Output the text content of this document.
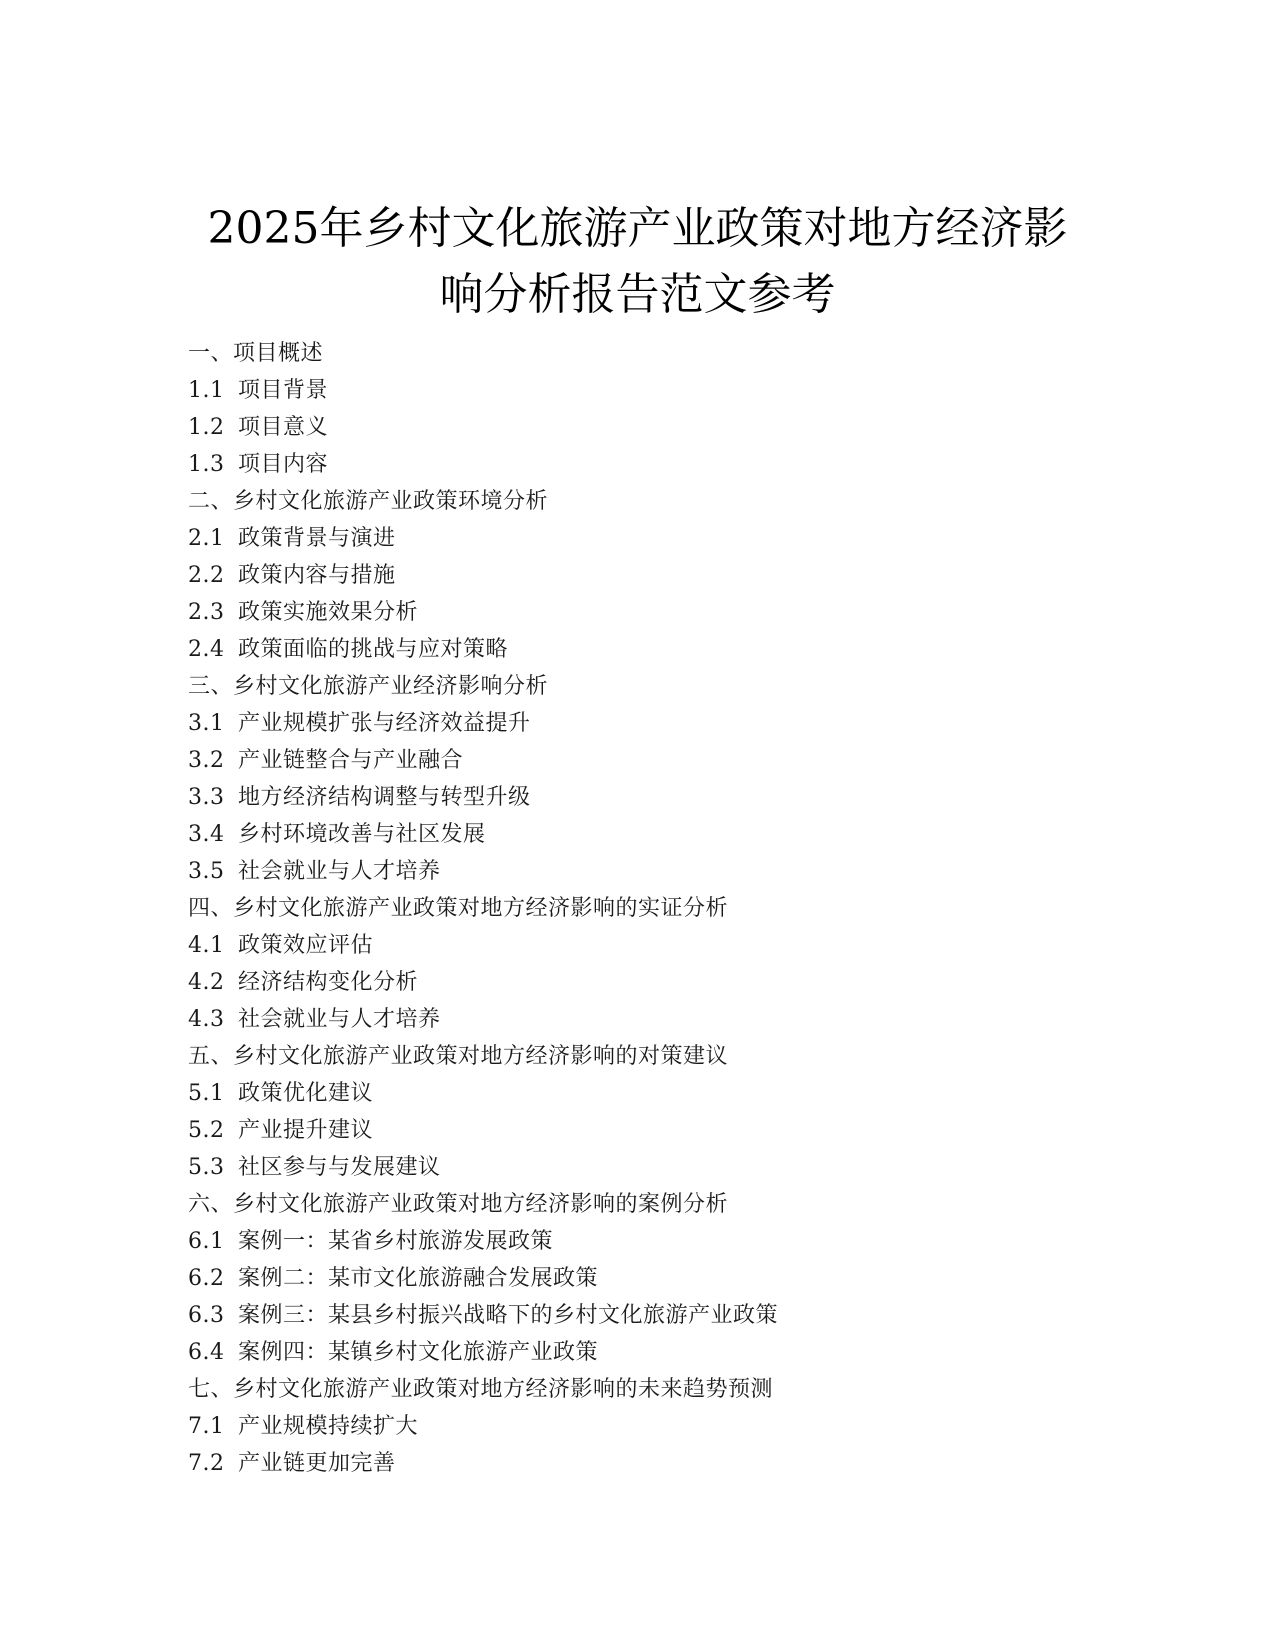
2025年乡村文化旅游产业政策对地方经济影
响分析报告范文参考
一、项目概述
1.1 项目背景
1.2 项目意义
1.3 项目内容
二、乡村文化旅游产业政策环境分析
2.1 政策背景与演进
2.2 政策内容与措施
2.3 政策实施效果分析
2.4 政策面临的挑战与应对策略
三、乡村文化旅游产业经济影响分析
3.1 产业规模扩张与经济效益提升
3.2 产业链整合与产业融合
3.3 地方经济结构调整与转型升级
3.4 乡村环境改善与社区发展
3.5 社会就业与人才培养
四、乡村文化旅游产业政策对地方经济影响的实证分析
4.1 政策效应评估
4.2 经济结构变化分析
4.3 社会就业与人才培养
五、乡村文化旅游产业政策对地方经济影响的对策建议
5.1 政策优化建议
5.2 产业提升建议
5.3 社区参与与发展建议
六、乡村文化旅游产业政策对地方经济影响的案例分析
6.1 案例一：某省乡村旅游发展政策
6.2 案例二：某市文化旅游融合发展政策
6.3 案例三：某县乡村振兴战略下的乡村文化旅游产业政策
6.4 案例四：某镇乡村文化旅游产业政策
七、乡村文化旅游产业政策对地方经济影响的未来趋势预测
7.1 产业规模持续扩大
7.2 产业链更加完善
